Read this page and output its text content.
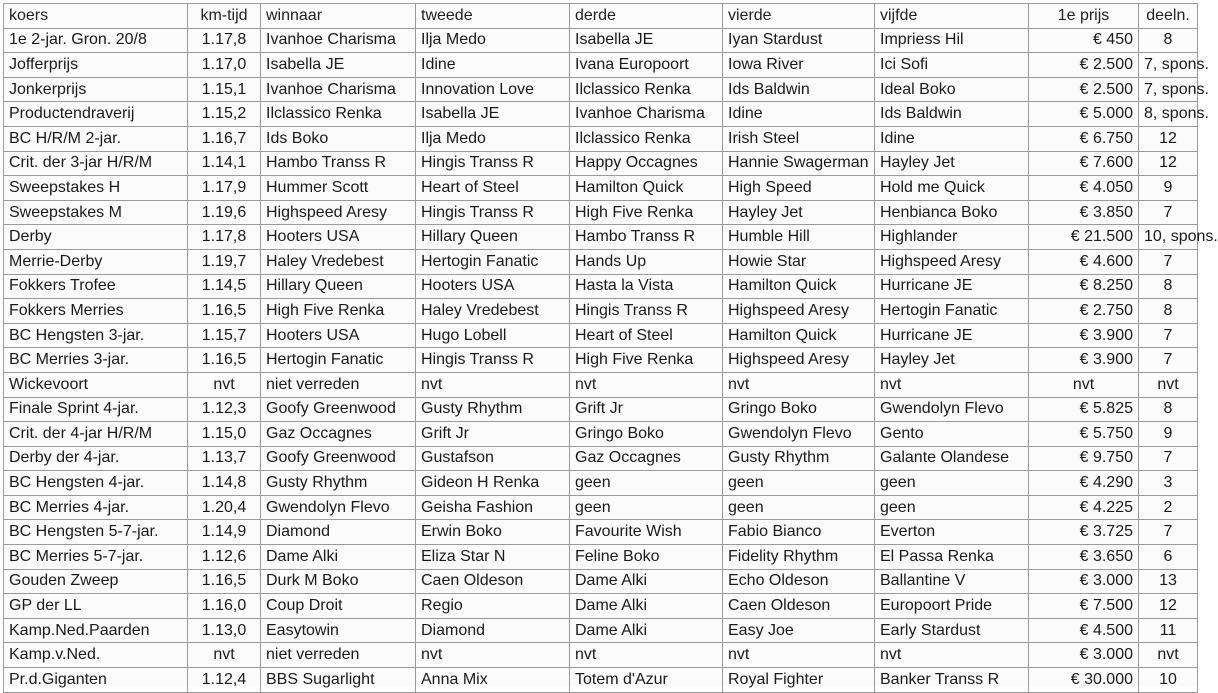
koers	km-tijd	winnaar	tweede	derde	vierde	vijfde	1e prijs	deeln.
1e 2-jar. Gron. 20/8	1.17,8	Ivanhoe Charisma	Ilja Medo	Isabella JE	Iyan Stardust	Impriess Hil	€ 450	8
Jofferprijs	1.17,0	Isabella JE	Idine	Ivana Europoort	Iowa River	Ici Sofi	€ 2.500	7, spons.
Jonkerprijs	1.15,1	Ivanhoe Charisma	Innovation Love	Ilclassico Renka	Ids Baldwin	Ideal Boko	€ 2.500	7, spons.
Productendraverij	1.15,2	Ilclassico Renka	Isabella JE	Ivanhoe Charisma	Idine	Ids Baldwin	€ 5.000	8, spons.
BC H/R/M 2-jar.	1.16,7	Ids Boko	Ilja Medo	Ilclassico Renka	Irish Steel	Idine	€ 6.750	12
Crit. der 3-jar H/R/M	1.14,1	Hambo Transs R	Hingis Transs R	Happy Occagnes	Hannie Swagerman	Hayley Jet	€ 7.600	12
Sweepstakes H	1.17,9	Hummer Scott	Heart of Steel	Hamilton Quick	High Speed	Hold me Quick	€ 4.050	9
Sweepstakes M	1.19,6	Highspeed Aresy	Hingis Transs R	High Five Renka	Hayley Jet	Henbianca Boko	€ 3.850	7
Derby	1.17,8	Hooters USA	Hillary Queen	Hambo Transs R	Humble Hill	Highlander	€ 21.500	10, spons.
Merrie-Derby	1.19,7	Haley Vredebest	Hertogin Fanatic	Hands Up	Howie Star	Highspeed Aresy	€ 4.600	7
Fokkers Trofee	1.14,5	Hillary Queen	Hooters USA	Hasta la Vista	Hamilton Quick	Hurricane JE	€ 8.250	8
Fokkers Merries	1.16,5	High Five Renka	Haley Vredebest	Hingis Transs R	Highspeed Aresy	Hertogin Fanatic	€ 2.750	8
BC Hengsten 3-jar.	1.15,7	Hooters USA	Hugo Lobell	Heart of Steel	Hamilton Quick	Hurricane JE	€ 3.900	7
BC Merries 3-jar.	1.16,5	Hertogin Fanatic	Hingis Transs R	High Five Renka	Highspeed Aresy	Hayley Jet	€ 3.900	7
Wickevoort	nvt	niet verreden	nvt	nvt	nvt	nvt	nvt	nvt
Finale Sprint 4-jar.	1.12,3	Goofy Greenwood	Gusty Rhythm	Grift Jr	Gringo Boko	Gwendolyn Flevo	€ 5.825	8
Crit. der 4-jar H/R/M	1.15,0	Gaz Occagnes	Grift Jr	Gringo Boko	Gwendolyn Flevo	Gento	€ 5.750	9
Derby der 4-jar.	1.13,7	Goofy Greenwood	Gustafson	Gaz Occagnes	Gusty Rhythm	Galante Olandese	€ 9.750	7
BC Hengsten 4-jar.	1.14,8	Gusty Rhythm	Gideon H Renka	geen	geen	geen	€ 4.290	3
BC Merries 4-jar.	1.20,4	Gwendolyn Flevo	Geisha Fashion	geen	geen	geen	€ 4.225	2
BC Hengsten 5-7-jar.	1.14,9	Diamond	Erwin Boko	Favourite Wish	Fabio Bianco	Everton	€ 3.725	7
BC Merries 5-7-jar.	1.12,6	Dame Alki	Eliza Star N	Feline Boko	Fidelity Rhythm	El Passa Renka	€ 3.650	6
Gouden Zweep	1.16,5	Durk M Boko	Caen Oldeson	Dame Alki	Echo Oldeson	Ballantine V	€ 3.000	13
GP der LL	1.16,0	Coup Droit	Regio	Dame Alki	Caen Oldeson	Europoort Pride	€ 7.500	12
Kamp.Ned.Paarden	1.13,0	Easytowin	Diamond	Dame Alki	Easy Joe	Early Stardust	€ 4.500	11
Kamp.v.Ned.	nvt	niet verreden	nvt	nvt	nvt	nvt	€ 3.000	nvt
Pr.d.Giganten	1.12,4	BBS Sugarlight	Anna Mix	Totem d'Azur	Royal Fighter	Banker Transs R	€ 30.000	10
